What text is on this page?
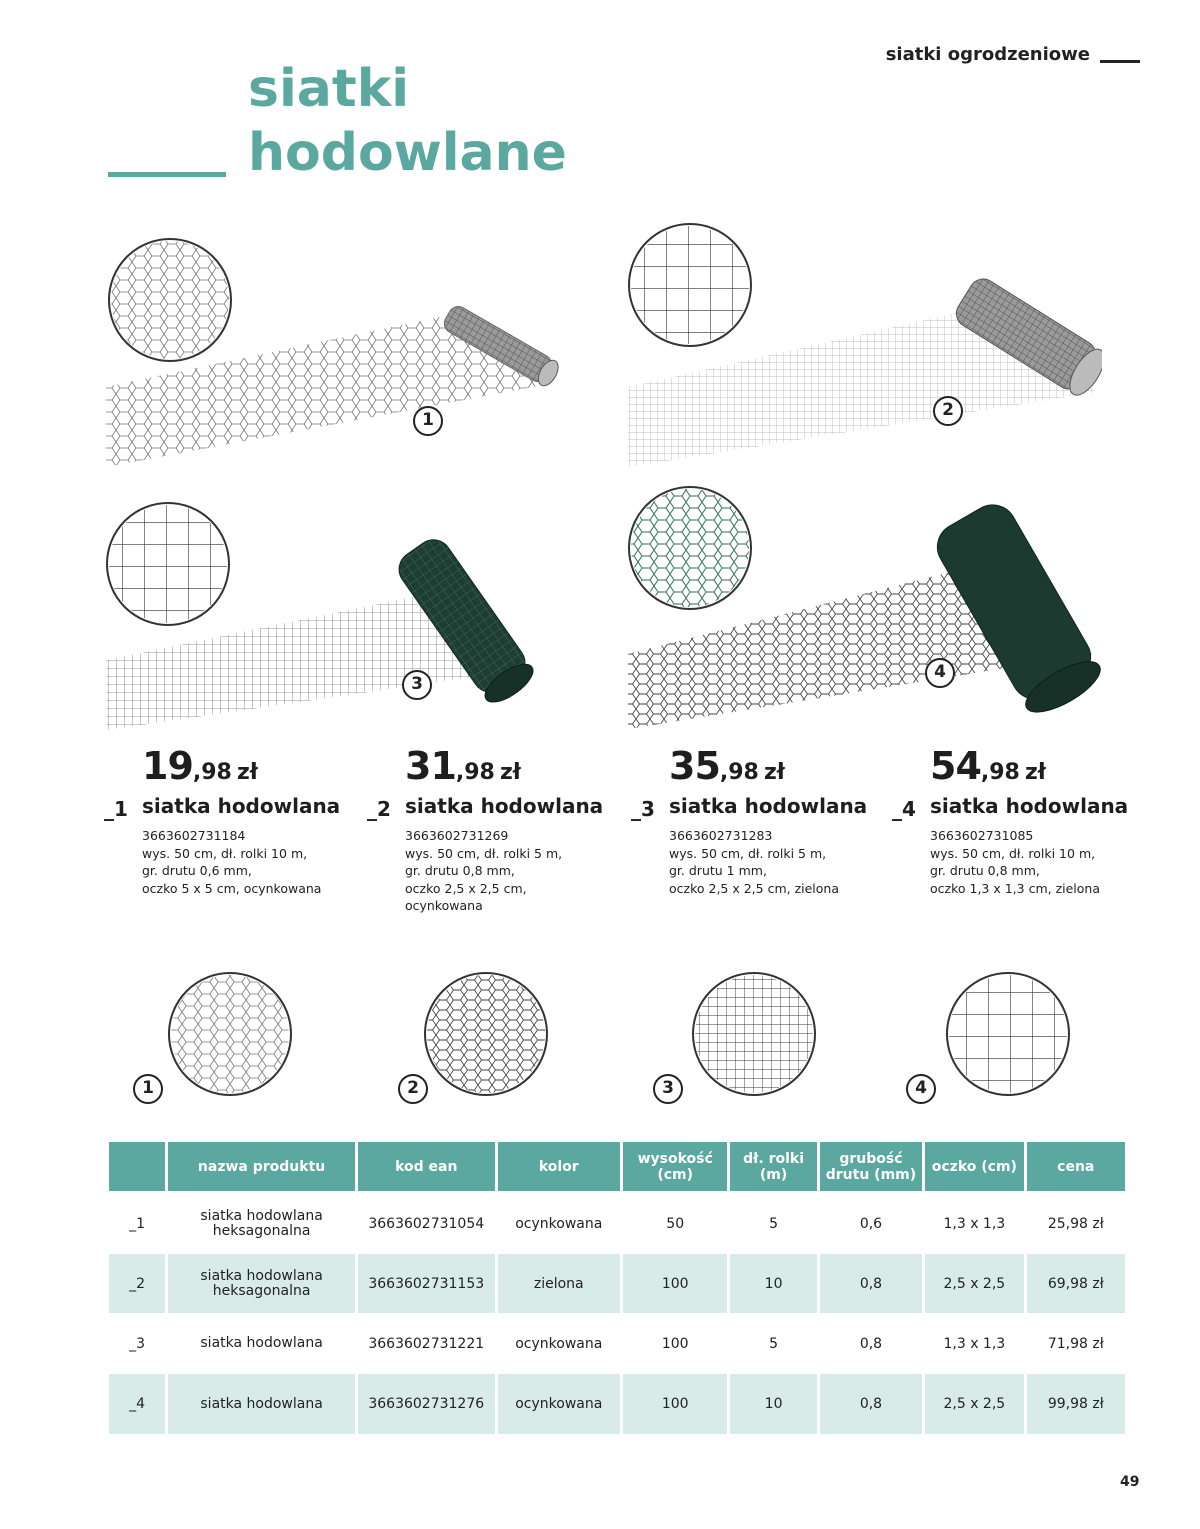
siatki ogrodzeniowe
siatki
hodowlane
1	2
3
4
19,98 zł
_1 siatka hodowlana
3663602731184
wys. 50 cm, dł. rolki 10 m,
gr. drutu 0,6 mm,
oczko 5 x 5 cm, ocynkowana
31,98 zł
_2 siatka hodowlana
3663602731269
wys. 50 cm, dł. rolki 5 m,
gr. drutu 0,8 mm,
oczko 2,5 x 2,5 cm,
ocynkowana
35,98 zł
_3 siatka hodowlana
3663602731283
wys. 50 cm, dł. rolki 5 m,
gr. drutu 1 mm,
oczko 2,5 x 2,5 cm, zielona
54,98 zł
_4 siatka hodowlana
3663602731085
wys. 50 cm, dł. rolki 10 m,
gr. drutu 0,8 mm,
oczko 1,3 x 1,3 cm, zielona
1	2	3	4
	nazwa produktu	kod ean	kolor	wysokość (cm)	dł. rolki (m)	grubość drutu (mm)	oczko (cm)	cena
_1	siatka hodowlana heksagonalna	3663602731054	ocynkowana	50	5	0,6	1,3 x 1,3	25,98 zł
_2	siatka hodowlana heksagonalna	3663602731153	zielona	100	10	0,8	2,5 x 2,5	69,98 zł
_3	siatka hodowlana	3663602731221	ocynkowana	100	5	0,8	1,3 x 1,3	71,98 zł
_4	siatka hodowlana	3663602731276	ocynkowana	100	10	0,8	2,5 x 2,5	99,98 zł
49
